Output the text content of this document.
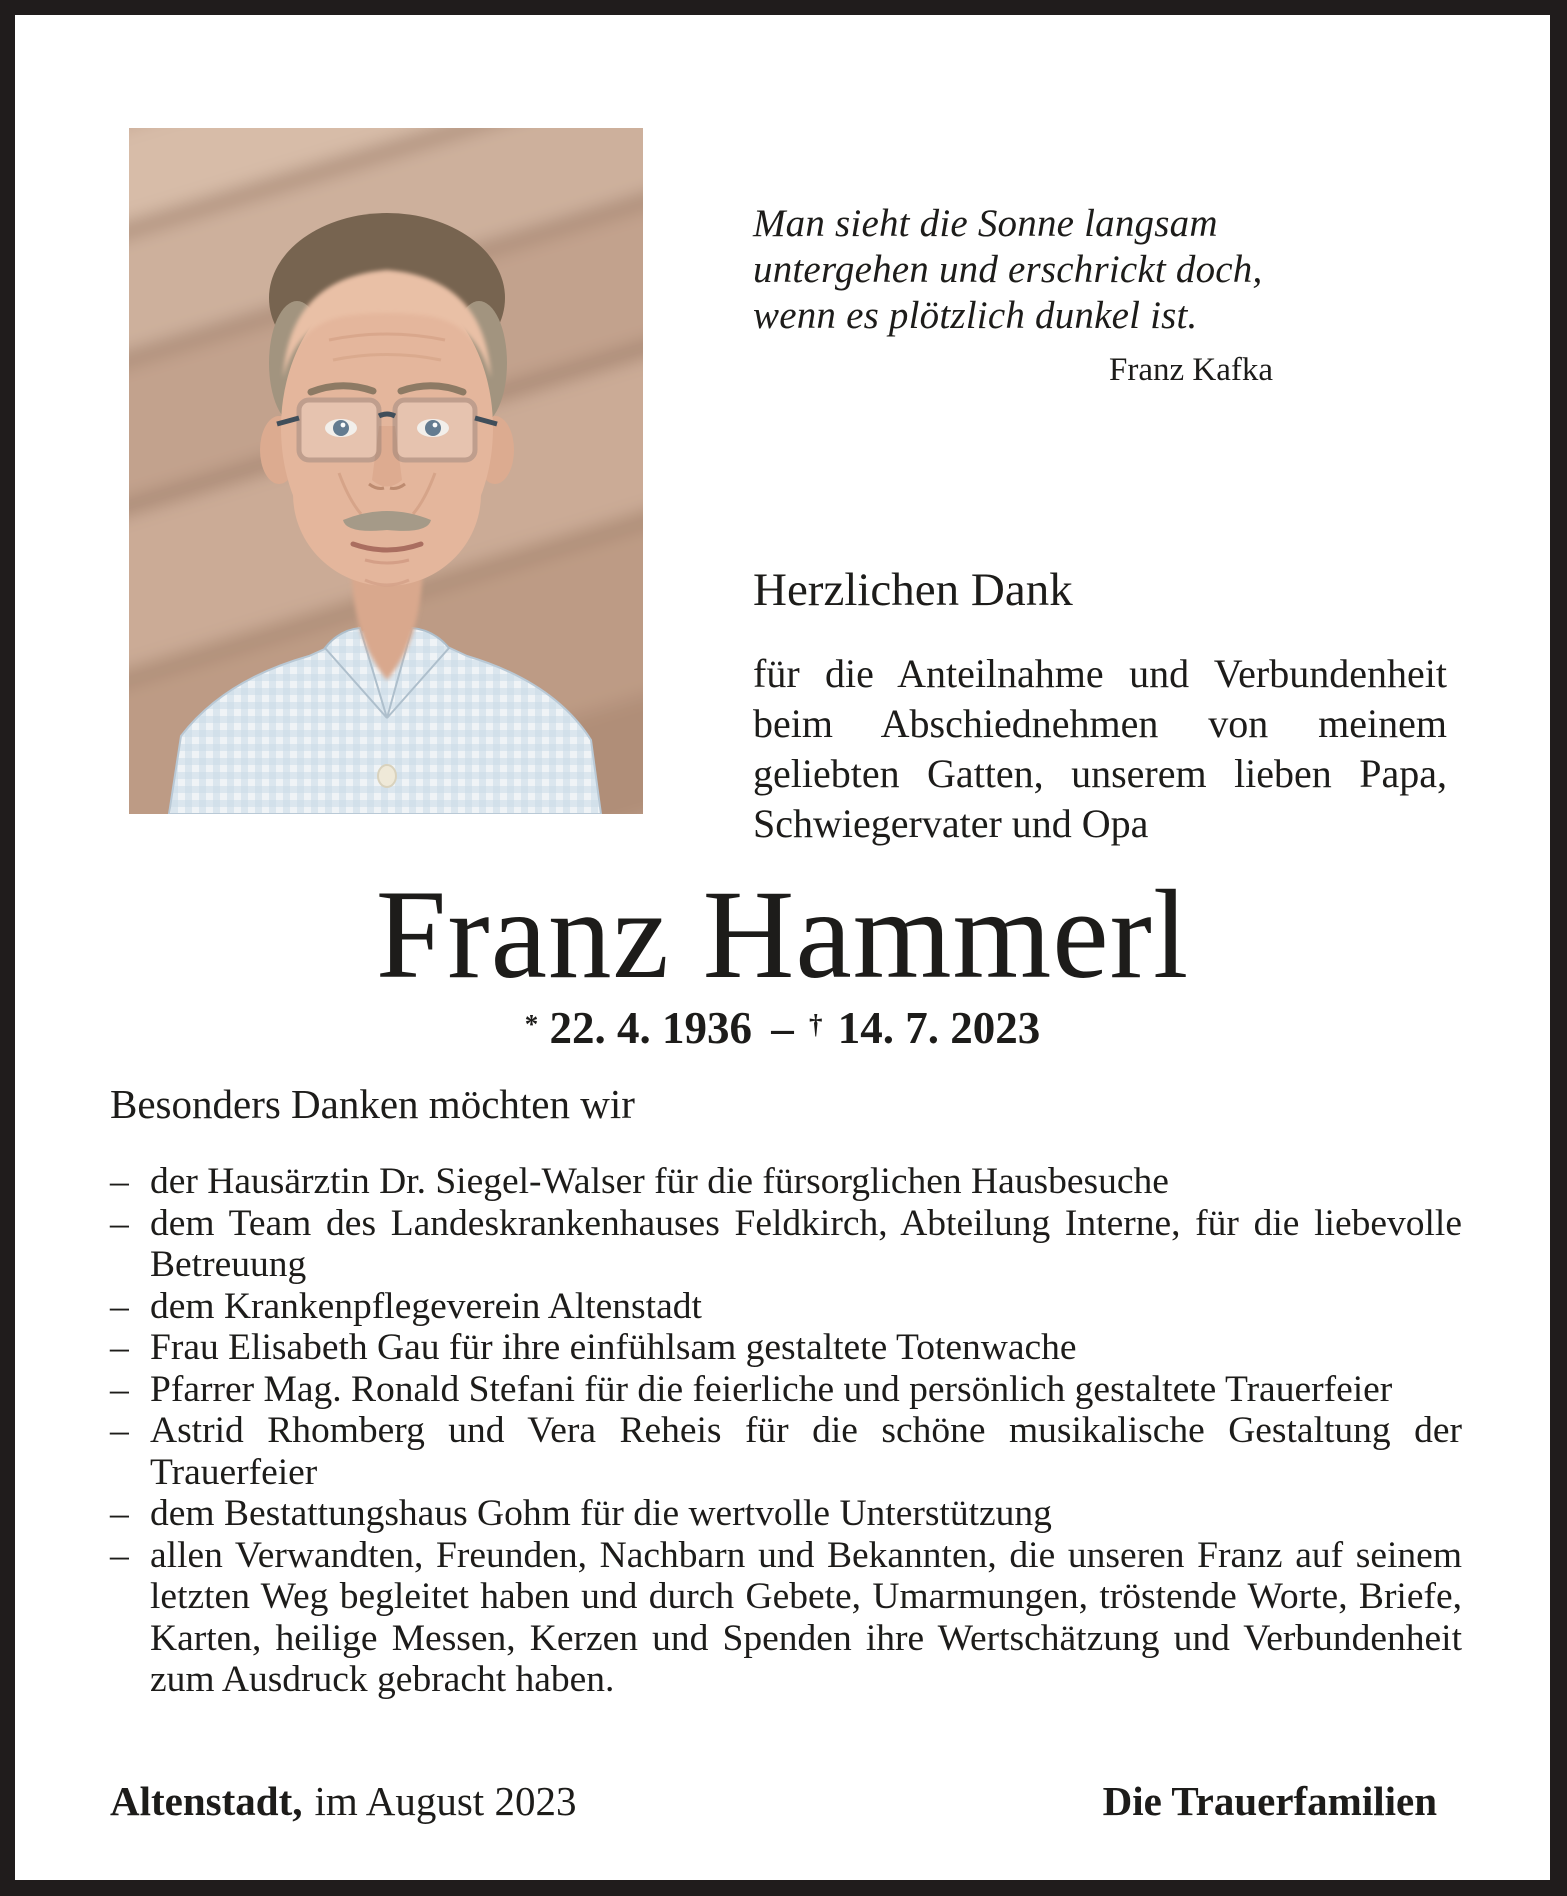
Man sieht die Sonne langsam
untergehen und erschrickt doch,
wenn es plötzlich dunkel ist.
Franz Kafka
Herzlichen Dank
für die Anteilnahme und Verbundenheit beim Abschiednehmen von meinem geliebten Gatten, unserem lieben Papa, Schwiegervater und Opa
Franz Hammerl
* 22. 4. 1936 – † 14. 7. 2023
Besonders Danken möchten wir
– der Hausärztin Dr. Siegel-Walser für die fürsorglichen Hausbesuche
– dem Team des Landeskrankenhauses Feldkirch, Abteilung Interne, für die liebevolle Betreuung
– dem Krankenpflegeverein Altenstadt
– Frau Elisabeth Gau für ihre einfühlsam gestaltete Totenwache
– Pfarrer Mag. Ronald Stefani für die feierliche und persönlich gestaltete Trauerfeier
– Astrid Rhomberg und Vera Reheis für die schöne musikalische Gestaltung der Trauerfeier
– dem Bestattungshaus Gohm für die wertvolle Unterstützung
– allen Verwandten, Freunden, Nachbarn und Bekannten, die unseren Franz auf seinem letzten Weg begleitet haben und durch Gebete, Umarmungen, tröstende Worte, Briefe, Karten, heilige Messen, Kerzen und Spenden ihre Wertschätzung und Verbundenheit zum Ausdruck gebracht haben.
Altenstadt, im August 2023	Die Trauerfamilien
